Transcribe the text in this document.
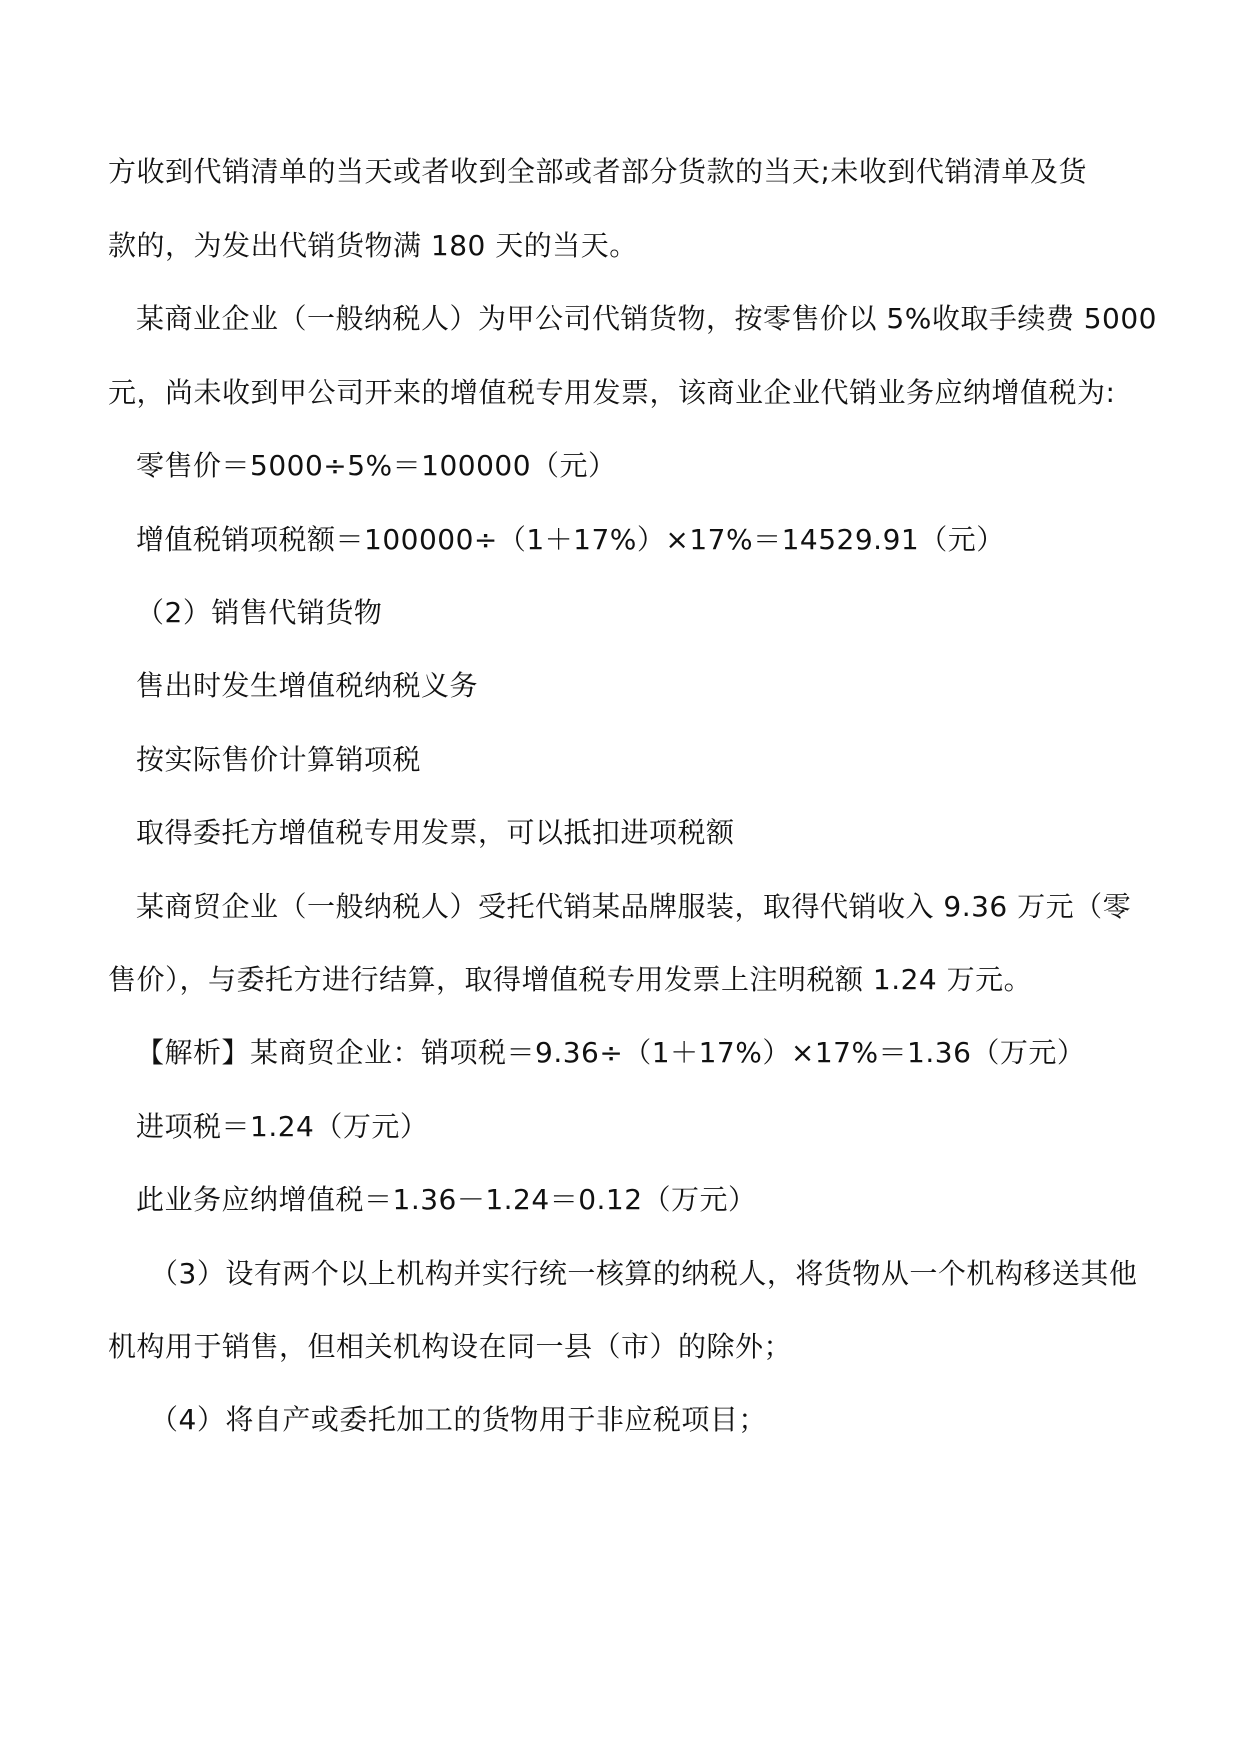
方收到代销清单的当天或者收到全部或者部分货款的当天;未收到代销清单及货
款的，为发出代销货物满 180 天的当天。
某商业企业（一般纳税人）为甲公司代销货物，按零售价以 5%收取手续费 5000
元，尚未收到甲公司开来的增值税专用发票，该商业企业代销业务应纳增值税为:
零售价＝5000÷5%＝100000（元）
增值税销项税额＝100000÷（1＋17%）×17%＝14529.91（元）
（2）销售代销货物
售出时发生增值税纳税义务
按实际售价计算销项税
取得委托方增值税专用发票，可以抵扣进项税额
某商贸企业（一般纳税人）受托代销某品牌服装，取得代销收入 9.36 万元（零
售价），与委托方进行结算，取得增值税专用发票上注明税额 1.24 万元。
【解析】某商贸企业：销项税＝9.36÷（1＋17%）×17%＝1.36（万元）
进项税＝1.24（万元）
此业务应纳增值税＝1.36－1.24＝0.12（万元）
（3）设有两个以上机构并实行统一核算的纳税人，将货物从一个机构移送其他
机构用于销售，但相关机构设在同一县（市）的除外；
（4）将自产或委托加工的货物用于非应税项目；
